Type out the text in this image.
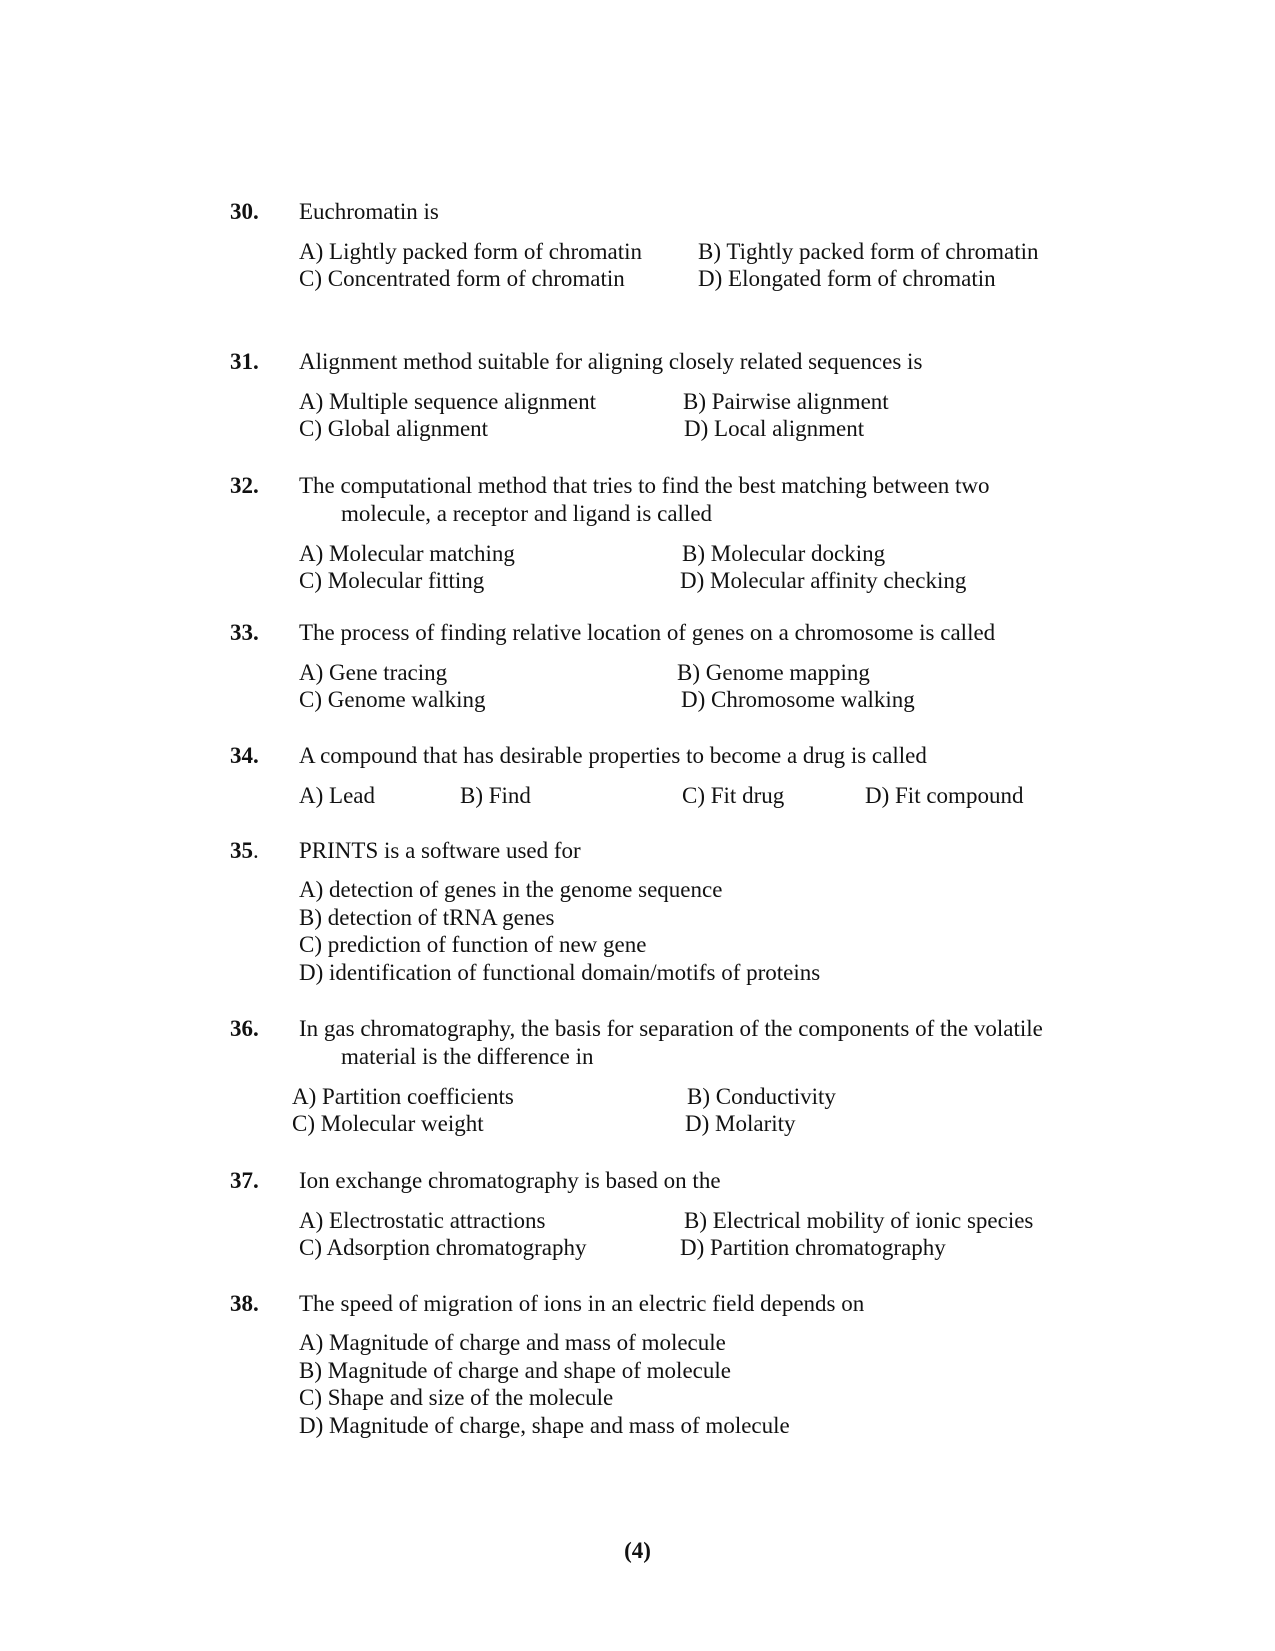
30. Euchromatin is
A) Lightly packed form of chromatin B) Tightly packed form of chromatin
C) Concentrated form of chromatin	D) Elongated form of chromatin
31. Alignment method suitable for aligning closely related sequences is
A) Multiple sequence alignment	B) Pairwise alignment
C) Global alignment	D) Local alignment
32. The computational method that tries to find the best matching between two
molecule, a receptor and ligand is called
A) Molecular matching	B) Molecular docking
C) Molecular fitting	D) Molecular affinity checking
33. The process of finding relative location of genes on a chromosome is called
A) Gene tracing	B) Genome mapping
C) Genome walking	D) Chromosome walking
34. A compound that has desirable properties to become a drug is called
A) Lead	B) Find	C) Fit drug	D) Fit compound
35. PRINTS is a software used for
A) detection of genes in the genome sequence
B) detection of tRNA genes
C) prediction of function of new gene
D) identification of functional domain/motifs of proteins
36. In gas chromatography, the basis for separation of the components of the volatile
material is the difference in
A) Partition coefficients	B) Conductivity
C) Molecular weight	D) Molarity
37. Ion exchange chromatography is based on the
A) Electrostatic attractions	B) Electrical mobility of ionic species
C) Adsorption chromatography	D) Partition chromatography
38. The speed of migration of ions in an electric field depends on
A) Magnitude of charge and mass of molecule
B) Magnitude of charge and shape of molecule
C) Shape and size of the molecule
D) Magnitude of charge, shape and mass of molecule
(4)
